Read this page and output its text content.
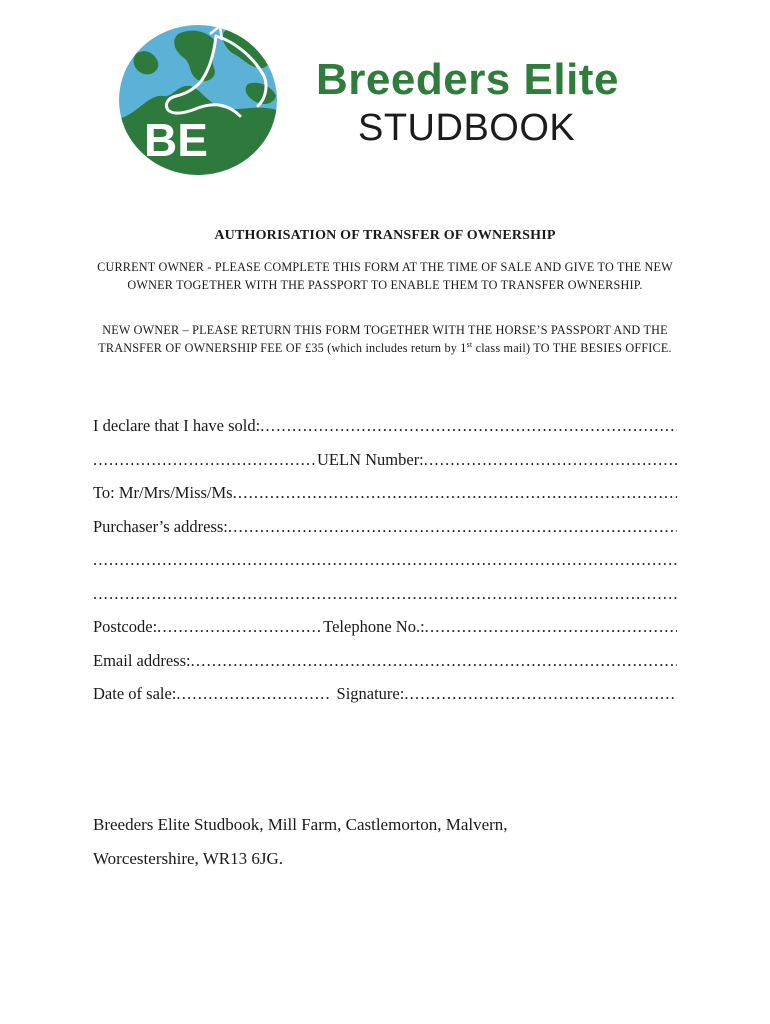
BE
Breeders Elite
STUDBOOK
AUTHORISATION OF TRANSFER OF OWNERSHIP
CURRENT OWNER - PLEASE COMPLETE THIS FORM AT THE TIME OF SALE AND GIVE TO THE NEW OWNER TOGETHER WITH THE PASSPORT TO ENABLE THEM TO TRANSFER OWNERSHIP.
NEW OWNER – PLEASE RETURN THIS FORM TOGETHER WITH THE HORSE’S PASSPORT AND THE TRANSFER OF OWNERSHIP FEE OF £35 (which includes return by 1st class mail) TO THE BESIES OFFICE.
I declare that I have sold:
.....
.....
UELN Number:
.....
To: Mr/Mrs/Miss/Ms
.....
Purchaser’s address:
.....
.....
.....
Postcode: .....	Telephone No.:
.....
Email address:
.....
Date of sale: .....	Signature:
.....
Breeders Elite Studbook, Mill Farm, Castlemorton, Malvern,
Worcestershire, WR13 6JG.
